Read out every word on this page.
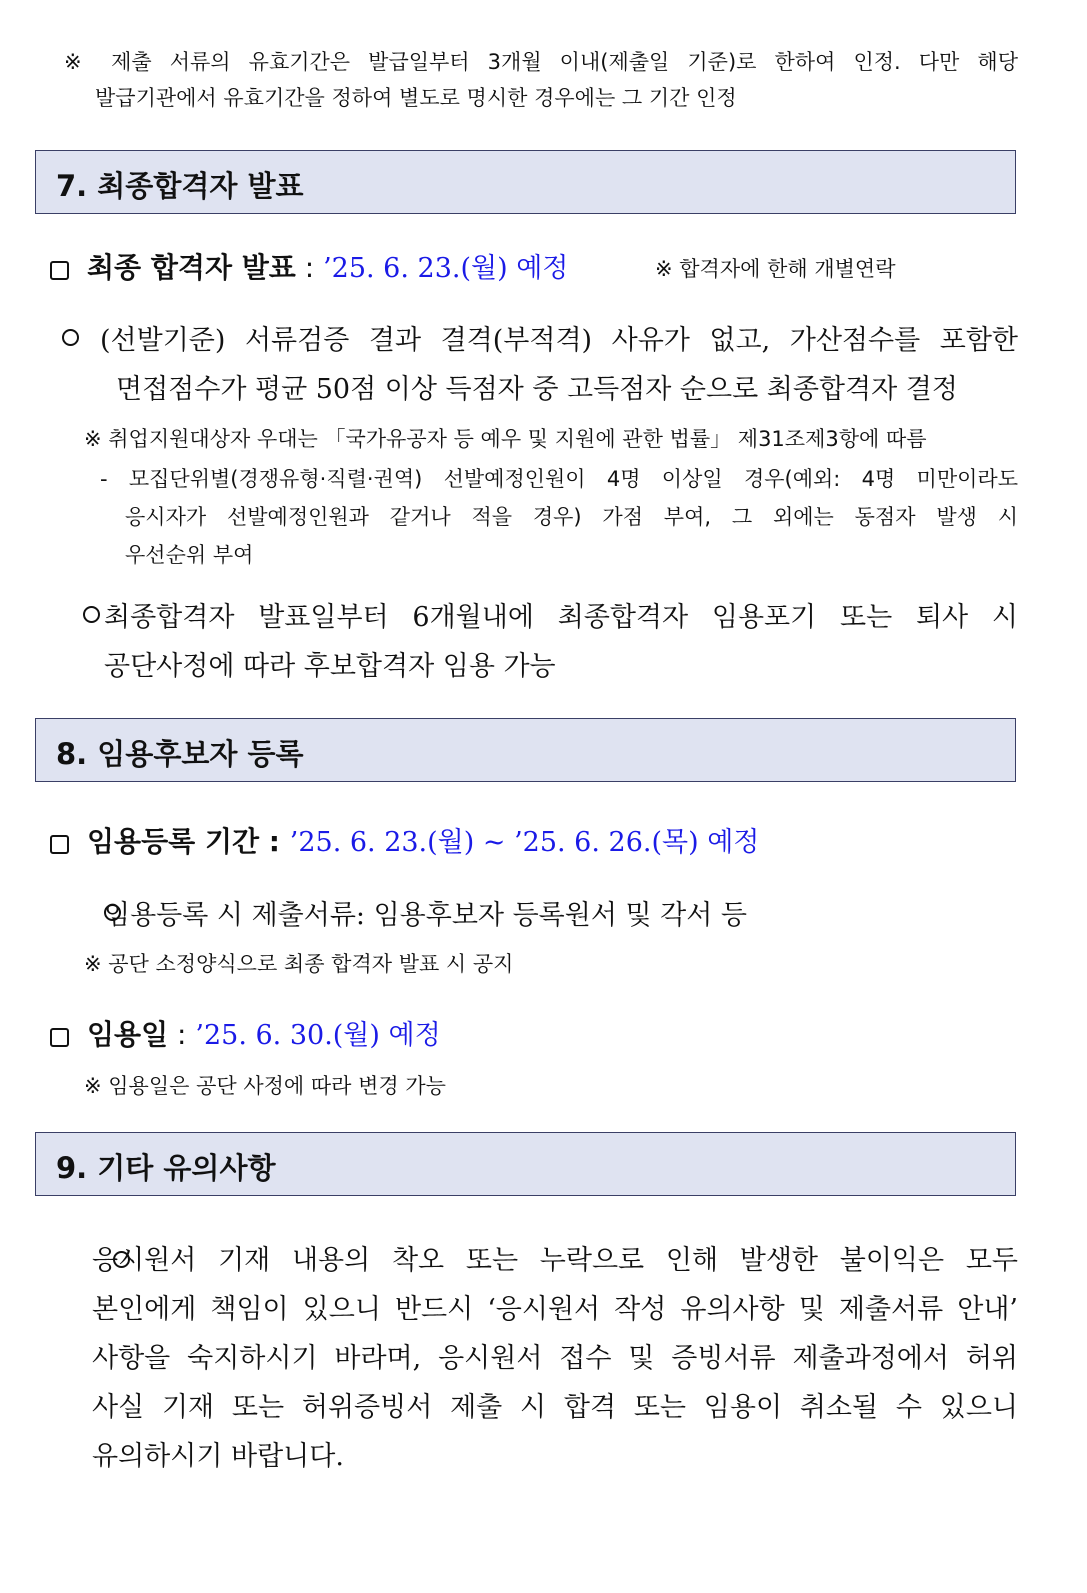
※ 제출 서류의 유효기간은 발급일부터 3개월 이내(제출일 기준)로 한하여 인정. 다만 해당
발급기관에서 유효기간을 정하여 별도로 명시한 경우에는 그 기간 인정
7. 최종합격자 발표
최종 합격자 발표 : ’25. 6. 23.(월) 예정	※ 합격자에 한해 개별연락

(선발기준) 서류검증 결과 결격(부적격) 사유가 없고, 가산점수를 포함한
면접점수가 평균 50점 이상 득점자 중 고득점자 순으로 최종합격자 결정
※ 취업지원대상자 우대는 「국가유공자 등 예우 및 지원에 관한 법률」 제31조제3항에 따름
- 모집단위별(경쟁유형·직렬·권역) 선발예정인원이 4명 이상일 경우(예외: 4명 미만이라도
응시자가 선발예정인원과 같거나 적을 경우) 가점 부여, 그 외에는 동점자 발생 시
우선순위 부여

최종합격자 발표일부터 6개월내에 최종합격자 임용포기 또는 퇴사 시
공단사정에 따라 후보합격자 임용 가능
8. 임용후보자 등록
임용등록 기간 : ’25. 6. 23.(월) ~ ’25. 6. 26.(목) 예정

임용등록 시 제출서류: 임용후보자 등록원서 및 각서 등
※ 공단 소정양식으로 최종 합격자 발표 시 공지
임용일 : ’25. 6. 30.(월) 예정
※ 임용일은 공단 사정에 따라 변경 가능
9. 기타 유의사항
응시원서 기재 내용의 착오 또는 누락으로 인해 발생한 불이익은 모두
본인에게 책임이 있으니 반드시 ‘응시원서 작성 유의사항 및 제출서류 안내’
사항을 숙지하시기 바라며, 응시원서 접수 및 증빙서류 제출과정에서 허위
사실 기재 또는 허위증빙서 제출 시 합격 또는 임용이 취소될 수 있으니
유의하시기 바랍니다.
